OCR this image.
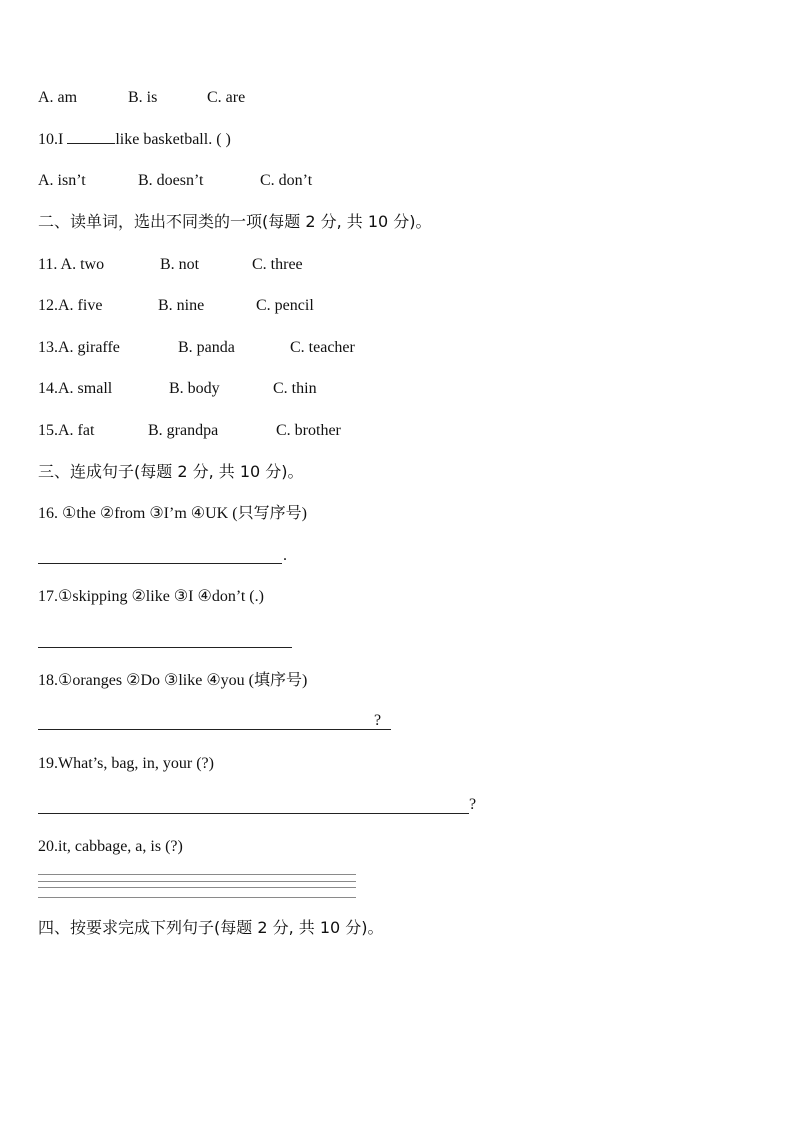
A. am	B. is	C. are
10.I	like basketball. ( )
A. isn’t	B. doesn’t	C. don’t
二、读单词，选出不同类的一项(每题 2 分, 共 10 分)。
11. A. two	B. not	C. three
12.A. five	B. nine	C. pencil
13.A. giraffe	B. panda	C. teacher
14.A. small	B. body	C. thin
15.A. fat	B. grandpa	C. brother
三、连成句子(每题 2 分, 共 10 分)。
16. ①the ②from ③I’m ④UK (只写序号)
.
17.①skipping ②like ③I ④don’t (.)
18.①oranges ②Do ③like ④you (填序号)
?
19.What’s, bag, in, your (?)
?
20.it, cabbage, a, is (?)
四、按要求完成下列句子(每题 2 分, 共 10 分)。
